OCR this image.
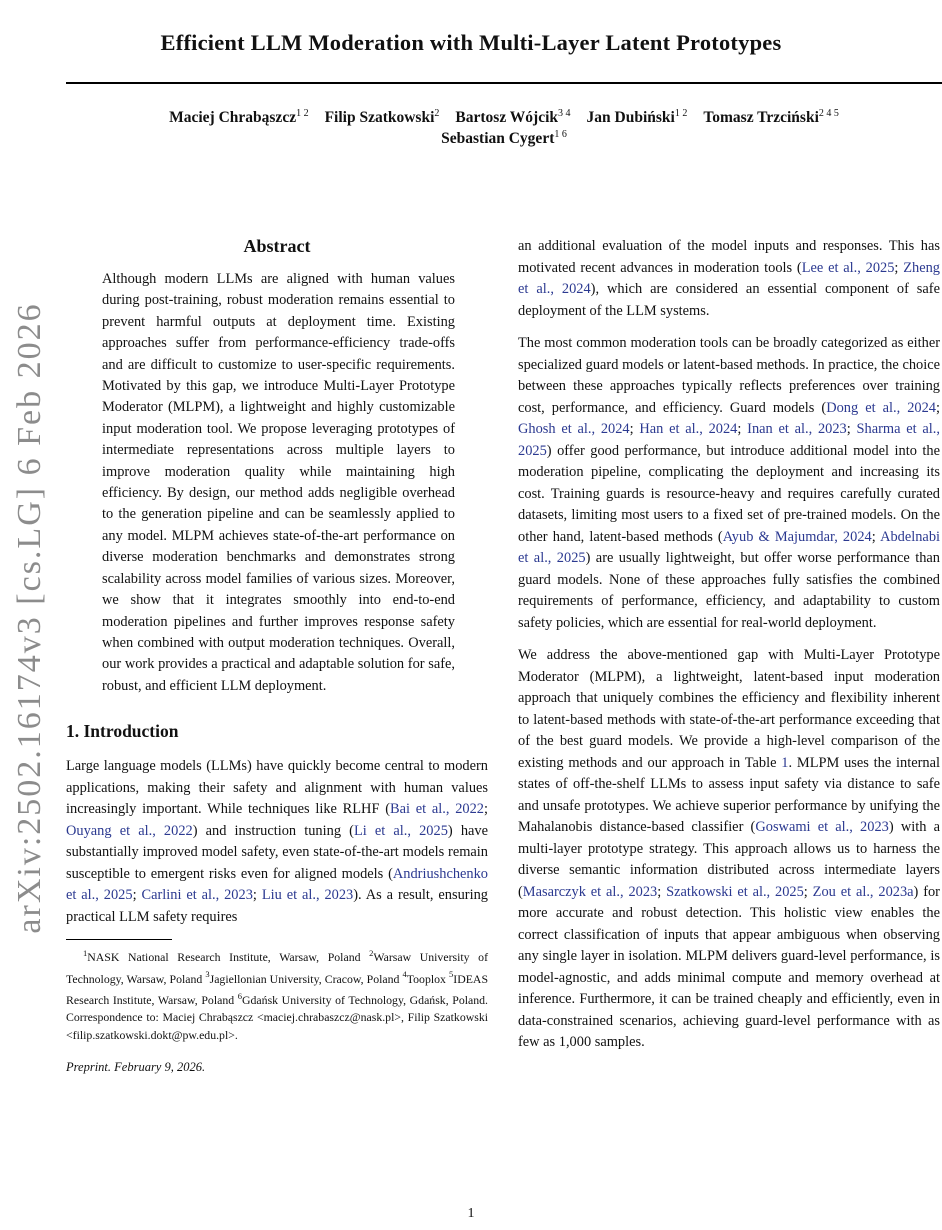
arXiv:2502.16174v3 [cs.LG] 6 Feb 2026
Efficient LLM Moderation with Multi-Layer Latent Prototypes
Maciej Chrabąszcz$^{1 2}$ Filip Szatkowski$^2$ Bartosz Wójcik$^{3 4}$ Jan Dubiński$^{1 2}$ Tomasz Trzciński$^{2 4 5}$
Sebastian Cygert$^{1 6}$
Abstract

Although modern LLMs are aligned with human values during post-training, robust moderation remains essential to prevent harmful outputs at deployment time. Existing approaches suffer from performance-efficiency trade-offs and are difficult to customize to user-specific requirements. Motivated by this gap, we introduce Multi-Layer Prototype Moderator (MLPM), a lightweight and highly customizable input moderation tool. We propose leveraging prototypes of intermediate representations across multiple layers to improve moderation quality while maintaining high efficiency. By design, our method adds negligible overhead to the generation pipeline and can be seamlessly applied to any model. MLPM achieves state-of-the-art performance on diverse moderation benchmarks and demonstrates strong scalability across model families of various sizes. Moreover, we show that it integrates smoothly into end-to-end moderation pipelines and further improves response safety when combined with output moderation techniques. Overall, our work provides a practical and adaptable solution for safe, robust, and efficient LLM deployment.

1. Introduction

Large language models (LLMs) have quickly become central to modern applications, making their safety and alignment with human values increasingly important. While techniques like RLHF (Bai et al., 2022; Ouyang et al., 2022) and instruction tuning (Li et al., 2025) have substantially improved model safety, even state-of-the-art models remain susceptible to emergent risks even for aligned models (Andriushchenko et al., 2025; Carlini et al., 2023; Liu et al., 2023). As a result, ensuring practical LLM safety requires

$^1$NASK National Research Institute, Warsaw, Poland $^2$Warsaw University of Technology, Warsaw, Poland $^3$Jagiellonian University, Cracow, Poland $^4$Tooplox $^5$IDEAS Research Institute, Warsaw, Poland $^6$Gdańsk University of Technology, Gdańsk, Poland. Correspondence to: Maciej Chrabąszcz <maciej.chrabaszcz@nask.pl>, Filip Szatkowski <filip.szatkowski.dokt@pw.edu.pl>.

Preprint. February 9, 2026.

an additional evaluation of the model inputs and responses. This has motivated recent advances in moderation tools (Lee et al., 2025; Zheng et al., 2024), which are considered an essential component of safe deployment of the LLM systems.

The most common moderation tools can be broadly categorized as either specialized guard models or latent-based methods. In practice, the choice between these approaches typically reflects preferences over training cost, performance, and efficiency. Guard models (Dong et al., 2024; Ghosh et al., 2024; Han et al., 2024; Inan et al., 2023; Sharma et al., 2025) offer good performance, but introduce additional model into the moderation pipeline, complicating the deployment and increasing its cost. Training guards is resource-heavy and requires carefully curated datasets, limiting most users to a fixed set of pre-trained models. On the other hand, latent-based methods (Ayub & Majumdar, 2024; Abdelnabi et al., 2025) are usually lightweight, but offer worse performance than guard models. None of these approaches fully satisfies the combined requirements of performance, efficiency, and adaptability to custom safety policies, which are essential for real-world deployment.

We address the above-mentioned gap with Multi-Layer Prototype Moderator (MLPM), a lightweight, latent-based input moderation approach that uniquely combines the efficiency and flexibility inherent to latent-based methods with state-of-the-art performance exceeding that of the best guard models. We provide a high-level comparison of the existing methods and our approach in Table 1. MLPM uses the internal states of off-the-shelf LLMs to assess input safety via distance to safe and unsafe prototypes. We achieve superior performance by unifying the Mahalanobis distance-based classifier (Goswami et al., 2023) with a multi-layer prototype strategy. This approach allows us to harness the diverse semantic information distributed across intermediate layers (Masarczyk et al., 2023; Szatkowski et al., 2025; Zou et al., 2023a) for more accurate and robust detection. This holistic view enables the correct classification of inputs that appear ambiguous when observing any single layer in isolation. MLPM delivers guard-level performance, is model-agnostic, and adds minimal compute and memory overhead at inference. Furthermore, it can be trained cheaply and efficiently, even in data-constrained scenarios, achieving guard-level performance with as few as 1,000 samples.

1
